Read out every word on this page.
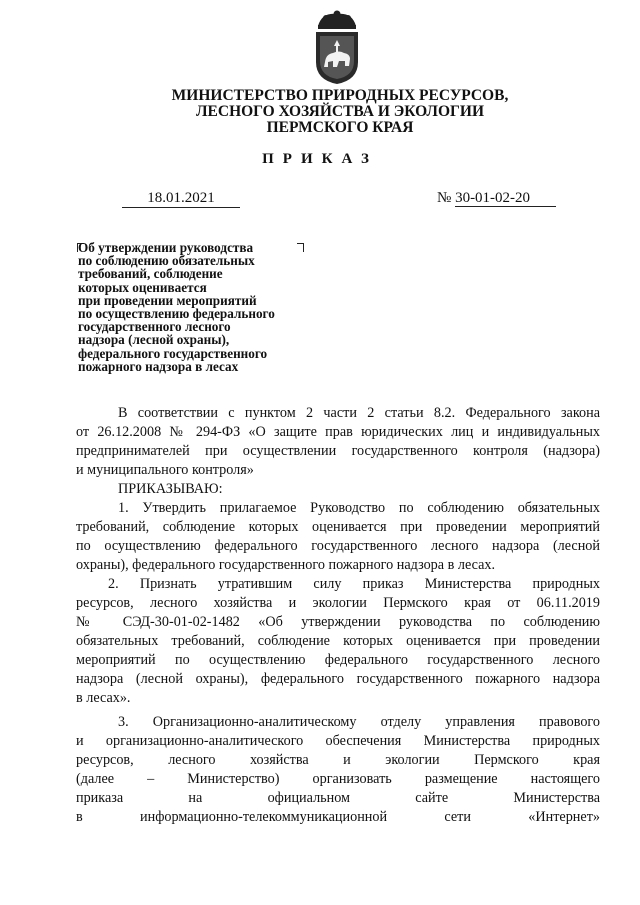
МИНИСТЕРСТВО ПРИРОДНЫХ РЕСУРСОВ,
ЛЕСНОГО ХОЗЯЙСТВА И ЭКОЛОГИИ
ПЕРМСКОГО КРАЯ
ПРИКАЗ
18.01.2021	№ 30-01-02-20
Об утверждении руководства
по соблюдению обязательных
требований, соблюдение
которых оценивается
при проведении мероприятий
по осуществлению федерального
государственного лесного
надзора (лесной охраны),
федерального государственного
пожарного надзора в лесах
В соответствии с пунктом 2 части 2 статьи 8.2. Федерального закона
от 26.12.2008 № 294-ФЗ «О защите прав юридических лиц и индивидуальных
предпринимателей при осуществлении государственного контроля (надзора)
и муниципального контроля»
ПРИКАЗЫВАЮ:
1. Утвердить прилагаемое Руководство по соблюдению обязательных
требований, соблюдение которых оценивается при проведении мероприятий
по осуществлению федерального государственного лесного надзора (лесной
охраны), федерального государственного пожарного надзора в лесах.
2. Признать утратившим силу приказ Министерства природных
ресурсов, лесного хозяйства и экологии Пермского края от 06.11.2019
№ СЭД-30-01-02-1482 «Об утверждении руководства по соблюдению
обязательных требований, соблюдение которых оценивается при проведении
мероприятий по осуществлению федерального государственного лесного
надзора (лесной охраны), федерального государственного пожарного надзора
в лесах».
3. Организационно-аналитическому отделу управления правового
и организационно-аналитического обеспечения Министерства природных
ресурсов, лесного хозяйства и экологии Пермского края
(далее – Министерство) организовать размещение настоящего
приказа на официальном сайте Министерства
в информационно-телекоммуникационной сети «Интернет»
